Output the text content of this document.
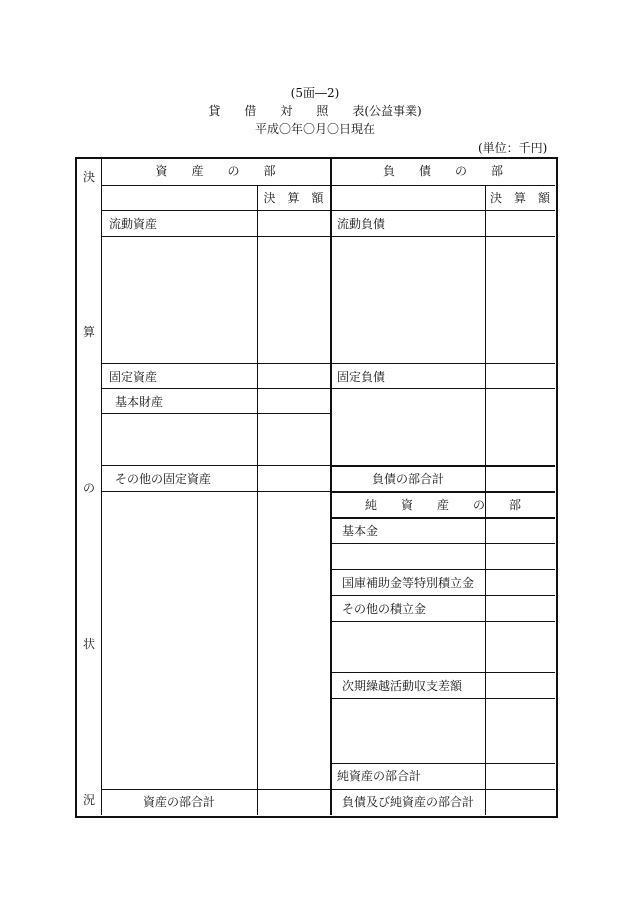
(5面―2)
貸　　借　　対　　照　　表(公益事業)
平成〇年〇月〇日現在
(単位：千円)
決
算
の
状
況
資　　産　　の　　部
決　算　額
流動資産
固定資産
基本財産
その他の固定資産
資産の部合計
負　　債　　の　　部
決　算　額
流動負債
固定負債
負債の部合計
純　　資　　産　　の　　部
基本金
国庫補助金等特別積立金
その他の積立金
次期繰越活動収支差額
純資産の部合計
負債及び純資産の部合計
